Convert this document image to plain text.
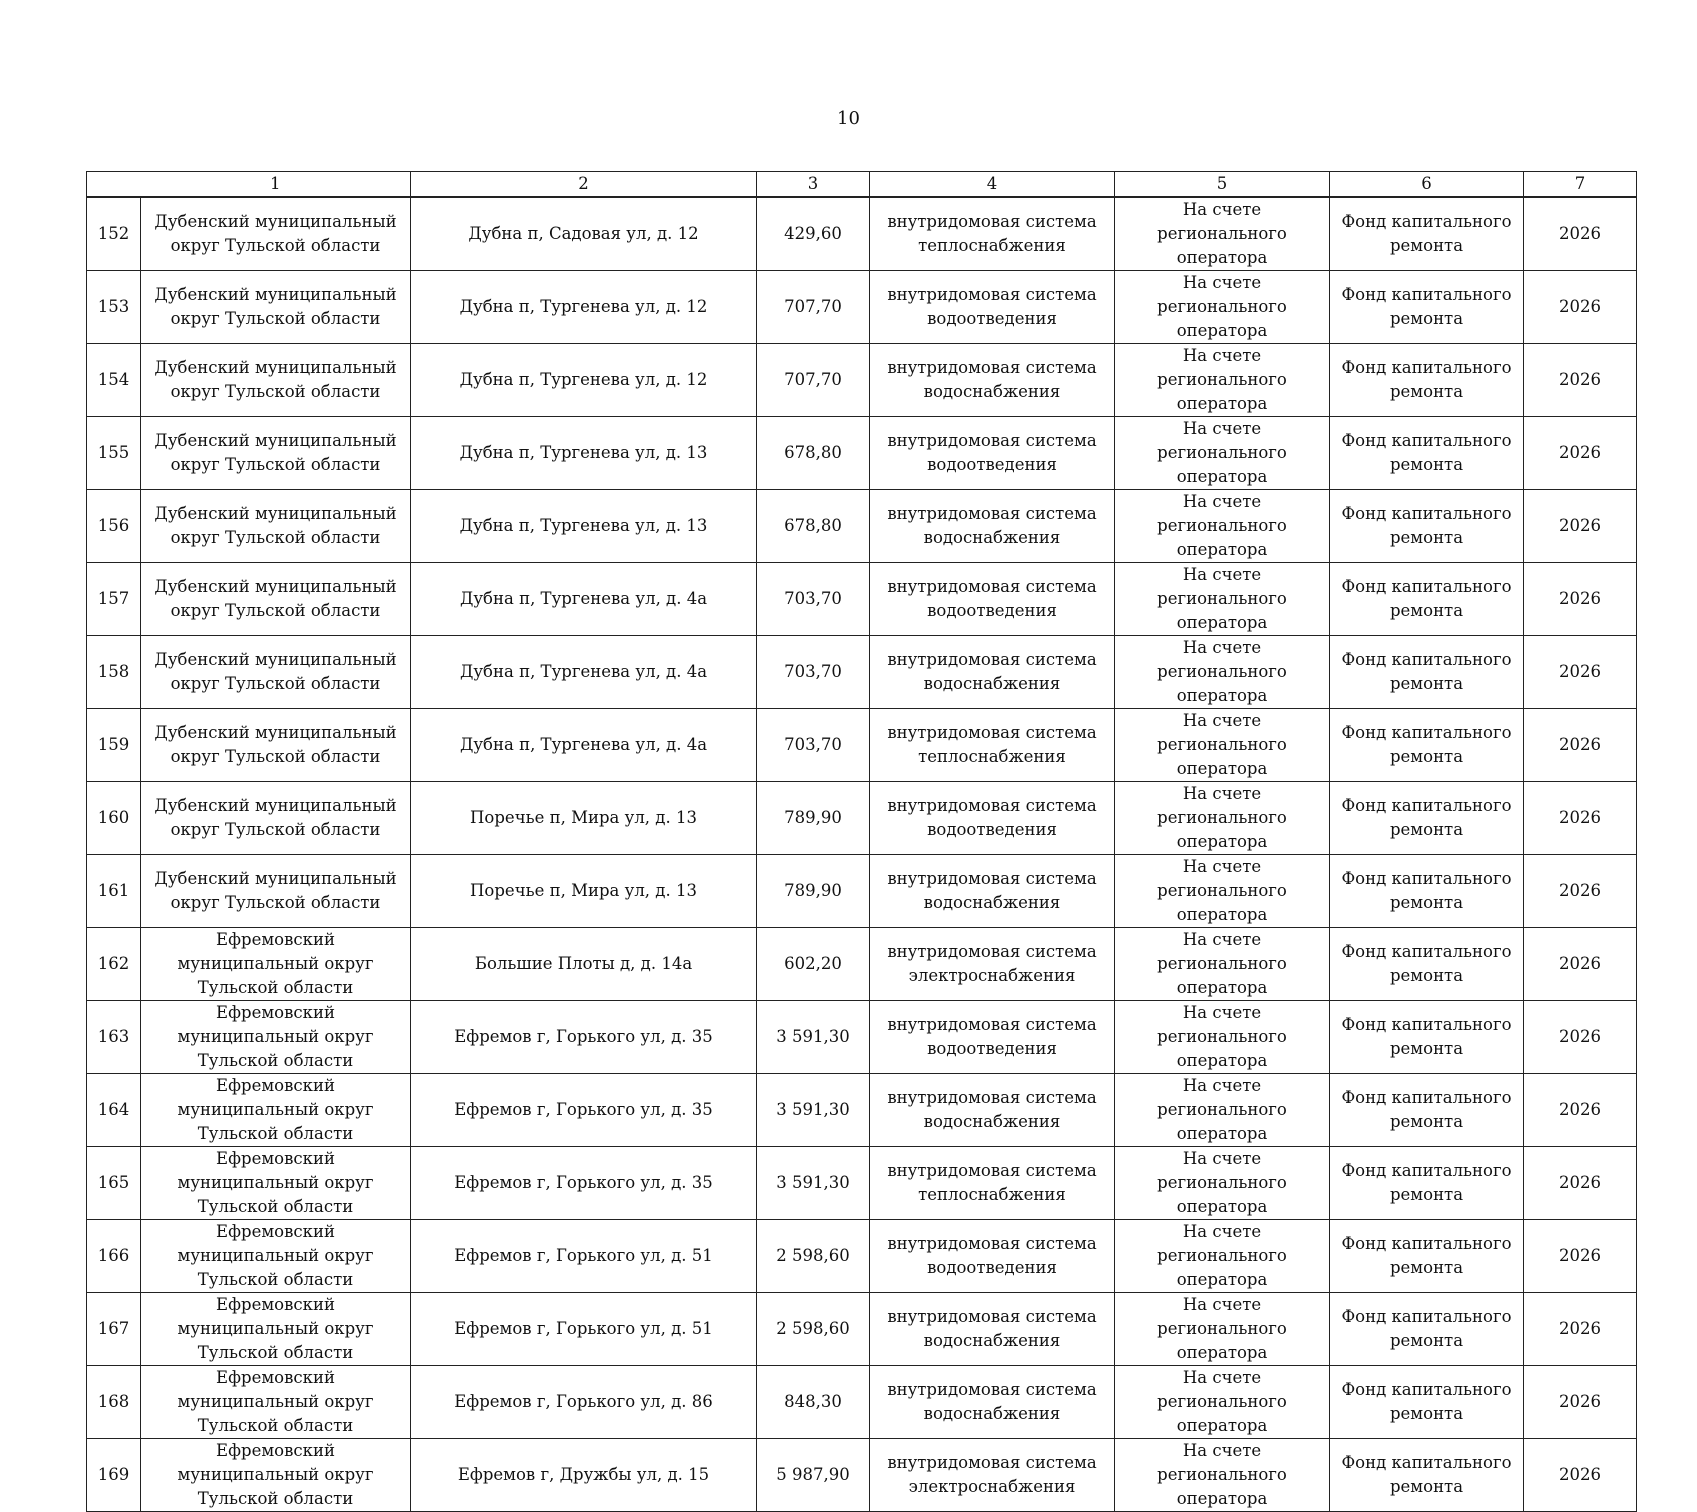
10
	1	2	3	4	5	6	7
152	Дубенский муниципальный округ Тульской области	Дубна п, Садовая ул, д. 12	429,60	внутридомовая система теплоснабжения	На счете регионального оператора	Фонд капитального ремонта	2026
153	Дубенский муниципальный округ Тульской области	Дубна п, Тургенева ул, д. 12	707,70	внутридомовая система водоотведения	На счете регионального оператора	Фонд капитального ремонта	2026
154	Дубенский муниципальный округ Тульской области	Дубна п, Тургенева ул, д. 12	707,70	внутридомовая система водоснабжения	На счете регионального оператора	Фонд капитального ремонта	2026
155	Дубенский муниципальный округ Тульской области	Дубна п, Тургенева ул, д. 13	678,80	внутридомовая система водоотведения	На счете регионального оператора	Фонд капитального ремонта	2026
156	Дубенский муниципальный округ Тульской области	Дубна п, Тургенева ул, д. 13	678,80	внутридомовая система водоснабжения	На счете регионального оператора	Фонд капитального ремонта	2026
157	Дубенский муниципальный округ Тульской области	Дубна п, Тургенева ул, д. 4а	703,70	внутридомовая система водоотведения	На счете регионального оператора	Фонд капитального ремонта	2026
158	Дубенский муниципальный округ Тульской области	Дубна п, Тургенева ул, д. 4а	703,70	внутридомовая система водоснабжения	На счете регионального оператора	Фонд капитального ремонта	2026
159	Дубенский муниципальный округ Тульской области	Дубна п, Тургенева ул, д. 4а	703,70	внутридомовая система теплоснабжения	На счете регионального оператора	Фонд капитального ремонта	2026
160	Дубенский муниципальный округ Тульской области	Поречье п, Мира ул, д. 13	789,90	внутридомовая система водоотведения	На счете регионального оператора	Фонд капитального ремонта	2026
161	Дубенский муниципальный округ Тульской области	Поречье п, Мира ул, д. 13	789,90	внутридомовая система водоснабжения	На счете регионального оператора	Фонд капитального ремонта	2026
162	Ефремовский муниципальный округ Тульской области	Большие Плоты д, д. 14а	602,20	внутридомовая система электроснабжения	На счете регионального оператора	Фонд капитального ремонта	2026
163	Ефремовский муниципальный округ Тульской области	Ефремов г, Горького ул, д. 35	3 591,30	внутридомовая система водоотведения	На счете регионального оператора	Фонд капитального ремонта	2026
164	Ефремовский муниципальный округ Тульской области	Ефремов г, Горького ул, д. 35	3 591,30	внутридомовая система водоснабжения	На счете регионального оператора	Фонд капитального ремонта	2026
165	Ефремовский муниципальный округ Тульской области	Ефремов г, Горького ул, д. 35	3 591,30	внутридомовая система теплоснабжения	На счете регионального оператора	Фонд капитального ремонта	2026
166	Ефремовский муниципальный округ Тульской области	Ефремов г, Горького ул, д. 51	2 598,60	внутридомовая система водоотведения	На счете регионального оператора	Фонд капитального ремонта	2026
167	Ефремовский муниципальный округ Тульской области	Ефремов г, Горького ул, д. 51	2 598,60	внутридомовая система водоснабжения	На счете регионального оператора	Фонд капитального ремонта	2026
168	Ефремовский муниципальный округ Тульской области	Ефремов г, Горького ул, д. 86	848,30	внутридомовая система водоснабжения	На счете регионального оператора	Фонд капитального ремонта	2026
169	Ефремовский муниципальный округ Тульской области	Ефремов г, Дружбы ул, д. 15	5 987,90	внутридомовая система электроснабжения	На счете регионального оператора	Фонд капитального ремонта	2026
